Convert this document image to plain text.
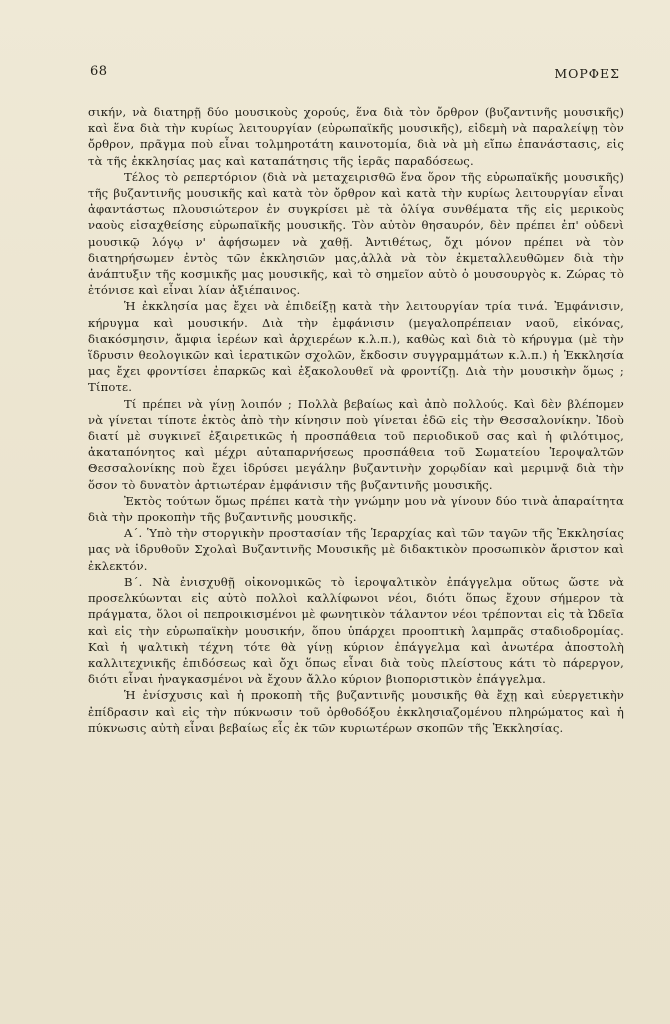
68	ΜΟΡΦΕΣ

σικήν, νὰ διατηρῇ δύο μουσικοὺς χορούς, ἕνα διὰ τὸν ὄρθρον (βυζαντινῆς μουσικῆς) καὶ ἕνα διὰ τὴν κυρίως λειτουργίαν (εὐρωπαϊκῆς μουσικῆς), εἰδεμὴ νὰ παραλείψῃ τὸν ὄρθρον, πρᾶγμα ποὺ εἶναι τολμηροτάτη καινοτομία, διὰ νὰ μὴ εἴπω ἐπανάστασις, εἰς τὰ τῆς ἐκκλησίας μας καὶ καταπάτησις τῆς ἱερᾶς παραδόσεως.

Τέλος τὸ ρεπερτόριον (διὰ νὰ μεταχειρισθῶ ἕνα ὅρον τῆς εὐρωπαϊκῆς μουσικῆς) τῆς βυζαντινῆς μουσικῆς καὶ κατὰ τὸν ὄρθρον καὶ κατὰ τὴν κυρίως λειτουργίαν εἶναι ἀφαντάστως πλουσιώτερον ἐν συγκρίσει μὲ τὰ ὀλίγα συνθέματα τῆς εἰς μερικοὺς ναοὺς εἰσαχθείσης εὐρωπαϊκῆς μουσικῆς. Τὸν αὐτὸν θησαυρόν, δὲν πρέπει ἐπ' οὐδενὶ μουσικῷ λόγῳ ν' ἀφήσωμεν νὰ χαθῇ. Ἀντιθέτως, ὄχι μόνον πρέπει νὰ τὸν διατηρήσωμεν ἐντὸς τῶν ἐκκλησιῶν μας,ἀλλὰ νὰ τὸν ἐκμεταλλευθῶμεν διὰ τὴν ἀνάπτυξιν τῆς κοσμικῆς μας μουσικῆς, καὶ τὸ σημεῖον αὐτὸ ὁ μουσουργὸς κ. Ζώρας τὸ ἐτόνισε καὶ εἶναι λίαν ἀξιέπαινος.

Ἡ ἐκκλησία μας ἔχει νὰ ἐπιδείξῃ κατὰ τὴν λειτουργίαν τρία τινά. Ἐμφάνισιν, κήρυγμα καὶ μουσικήν. Διὰ τὴν ἐμφάνισιν (μεγαλοπρέπειαν ναοῦ, εἰκόνας, διακόσμησιν, ἄμφια ἱερέων καὶ ἀρχιερέων κ.λ.π.), καθὼς καὶ διὰ τὸ κήρυγμα (μὲ τὴν ἵδρυσιν θεολογικῶν καὶ ἱερατικῶν σχολῶν, ἔκδοσιν συγγραμμάτων κ.λ.π.) ἡ Ἐκκλησία μας ἔχει φροντίσει ἐπαρκῶς καὶ ἐξακολουθεῖ νὰ φροντίζῃ. Διὰ τὴν μουσικὴν ὅμως ; Τίποτε.

Τί πρέπει νὰ γίνῃ λοιπόν ; Πολλὰ βεβαίως καὶ ἀπὸ πολλούς. Καὶ δὲν βλέπομεν νὰ γίνεται τίποτε ἐκτὸς ἀπὸ τὴν κίνησιν ποὺ γίνεται ἐδῶ εἰς τὴν Θεσσαλονίκην. Ἰδοὺ διατί μὲ συγκινεῖ ἐξαιρετικῶς ἡ προσπάθεια τοῦ περιοδικοῦ σας καὶ ἡ φιλότιμος, ἀκαταπόνητος καὶ μέχρι αὐταπαρνήσεως προσπάθεια τοῦ Σωματείου Ἱεροψαλτῶν Θεσσαλονίκης ποὺ ἔχει ἱδρύσει μεγάλην βυζαντινὴν χορῳδίαν καὶ μεριμνᾷ διὰ τὴν ὅσον τὸ δυνατὸν ἀρτιωτέραν ἐμφάνισιν τῆς βυζαντινῆς μουσικῆς.

Ἐκτὸς τούτων ὅμως πρέπει κατὰ τὴν γνώμην μου νὰ γίνουν δύο τινὰ ἀπαραίτητα διὰ τὴν προκοπὴν τῆς βυζαντινῆς μουσικῆς.

Α΄. Ὑπὸ τὴν στοργικὴν προστασίαν τῆς Ἱεραρχίας καὶ τῶν ταγῶν τῆς Ἐκκλησίας μας νὰ ἱδρυθοῦν Σχολαὶ Βυζαντινῆς Μουσικῆς μὲ διδακτικὸν προσωπικὸν ἄριστον καὶ ἐκλεκτόν.

Β΄. Νὰ ἐνισχυθῇ οἰκονομικῶς τὸ ἱεροψαλτικὸν ἐπάγγελμα οὕτως ὥστε νὰ προσελκύωνται εἰς αὐτὸ πολλοὶ καλλίφωνοι νέοι, διότι ὅπως ἔχουν σήμερον τὰ πράγματα, ὅλοι οἱ πεπροικισμένοι μὲ φωνητικὸν τάλαντον νέοι τρέπονται εἰς τὰ Ὠδεῖα καὶ εἰς τὴν εὐρωπαϊκὴν μουσικήν, ὅπου ὑπάρχει προοπτικὴ λαμπρᾶς σταδιοδρομίας. Καὶ ἡ ψαλτικὴ τέχνη τότε θὰ γίνῃ κύριον ἐπάγγελμα καὶ ἀνωτέρα ἀποστολὴ καλλιτεχνικῆς ἐπιδόσεως καὶ ὄχι ὅπως εἶναι διὰ τοὺς πλείστους κάτι τὸ πάρεργον, διότι εἶναι ἠναγκασμένοι νὰ ἔχουν ἄλλο κύριον βιοποριστικὸν ἐπάγγελμα.

Ἡ ἐνίσχυσις καὶ ἡ προκοπὴ τῆς βυζαντινῆς μουσικῆς θὰ ἔχῃ καὶ εὐεργετικὴν ἐπίδρασιν καὶ εἰς τὴν πύκνωσιν τοῦ ὀρθοδόξου ἐκκλησιαζομένου πληρώματος καὶ ἡ πύκνωσις αὐτὴ εἶναι βεβαίως εἷς ἐκ τῶν κυριωτέρων σκοπῶν τῆς Ἐκκλησίας.
